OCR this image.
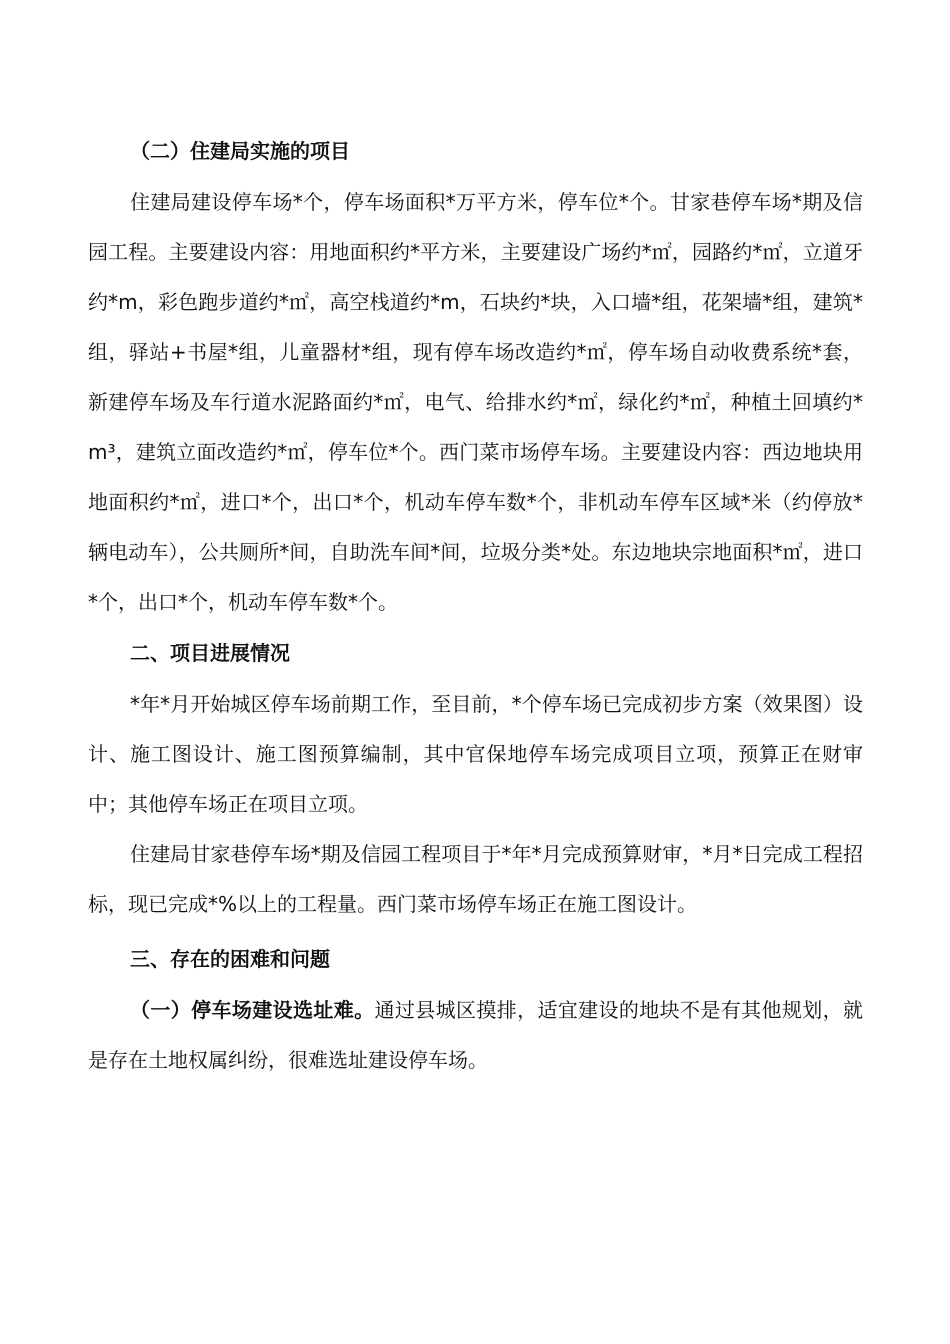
（二）住建局实施的项目

住建局建设停车场*个，停车场面积*万平方米，停车位*个。甘家巷停车场*期及信园工程。主要建设内容：用地面积约*平方米，主要建设广场约*㎡，园路约*㎡，立道牙约*m，彩色跑步道约*㎡，高空栈道约*m，石块约*块，入口墙*组，花架墙*组，建筑*组，驿站+书屋*组，儿童器材*组，现有停车场改造约*㎡，停车场自动收费系统*套，新建停车场及车行道水泥路面约*㎡，电气、给排水约*㎡，绿化约*㎡，种植土回填约*m³，建筑立面改造约*㎡，停车位*个。西门菜市场停车场。主要建设内容：西边地块用地面积约*㎡，进口*个，出口*个，机动车停车数*个，非机动车停车区域*米（约停放*辆电动车），公共厕所*间，自助洗车间*间，垃圾分类*处。东边地块宗地面积*㎡，进口*个，出口*个，机动车停车数*个。

二、项目进展情况

*年*月开始城区停车场前期工作，至目前，*个停车场已完成初步方案（效果图）设计、施工图设计、施工图预算编制，其中官保地停车场完成项目立项，预算正在财审中；其他停车场正在项目立项。

住建局甘家巷停车场*期及信园工程项目于*年*月完成预算财审，*月*日完成工程招标，现已完成*%以上的工程量。西门菜市场停车场正在施工图设计。

三、存在的困难和问题

（一）停车场建设选址难。通过县城区摸排，适宜建设的地块不是有其他规划，就是存在土地权属纠纷，很难选址建设停车场。
